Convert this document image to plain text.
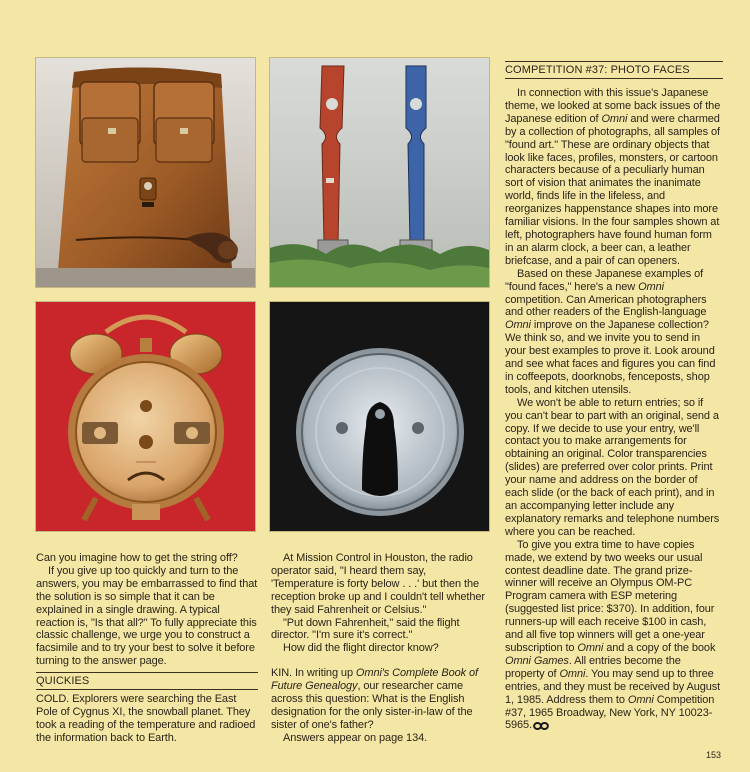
COMPETITION #37: PHOTO FACES

Can you imagine how to get the string off?

If you give up too quickly and turn to the answers, you may be embarrassed to find that the solution is so simple that it can be explained in a single drawing. A typical reaction is, "Is that all?" To fully appreciate this classic challenge, we urge you to construct a facsimile and to try your best to solve it before turning to the answer page.

QUICKIES

COLD. Explorers were searching the East Pole of Cygnus XI, the snowball planet. They took a reading of the temperature and radioed the information back to Earth.

At Mission Control in Houston, the radio operator said, "I heard them say, 'Temperature is forty below . . .' but then the reception broke up and I couldn't tell whether they said Fahrenheit or Celsius."

"Put down Fahrenheit," said the flight director. "I'm sure it's correct."

How did the flight director know?

KIN. In writing up Omni's Complete Book of Future Genealogy, our researcher came across this question: What is the English designation for the only sister-in-law of the sister of one's father?

Answers appear on page 134.

In connection with this issue's Japanese theme, we looked at some back issues of the Japanese edition of Omni and were charmed by a collection of photographs, all samples of "found art." These are ordinary objects that look like faces, profiles, monsters, or cartoon characters because of a peculiarly human sort of vision that animates the inanimate world, finds life in the lifeless, and reorganizes happenstance shapes into more familiar visions. In the four samples shown at left, photographers have found human form in an alarm clock, a beer can, a leather briefcase, and a pair of can openers.

Based on these Japanese examples of "found faces," here's a new Omni competition. Can American photographers and other readers of the English-language Omni improve on the Japanese collection? We think so, and we invite you to send in your best examples to prove it. Look around and see what faces and figures you can find in coffeepots, doorknobs, fenceposts, shop tools, and kitchen utensils.

We won't be able to return entries; so if you can't bear to part with an original, send a copy. If we decide to use your entry, we'll contact you to make arrangements for obtaining an original. Color transparencies (slides) are preferred over color prints. Print your name and address on the border of each slide (or the back of each print), and in an accompanying letter include any explanatory remarks and telephone numbers where you can be reached.

To give you extra time to have copies made, we extend by two weeks our usual contest deadline date. The grand prize-winner will receive an Olympus OM-PC Program camera with ESP metering (suggested list price: $370). In addition, four runners-up will each receive $100 in cash, and all five top winners will get a one-year subscription to Omni and a copy of the book Omni Games. All entries become the property of Omni. You may send up to three entries, and they must be received by August 1, 1985. Address them to Omni Competition #37, 1965 Broadway, New York, NY 10023-5965.

153
